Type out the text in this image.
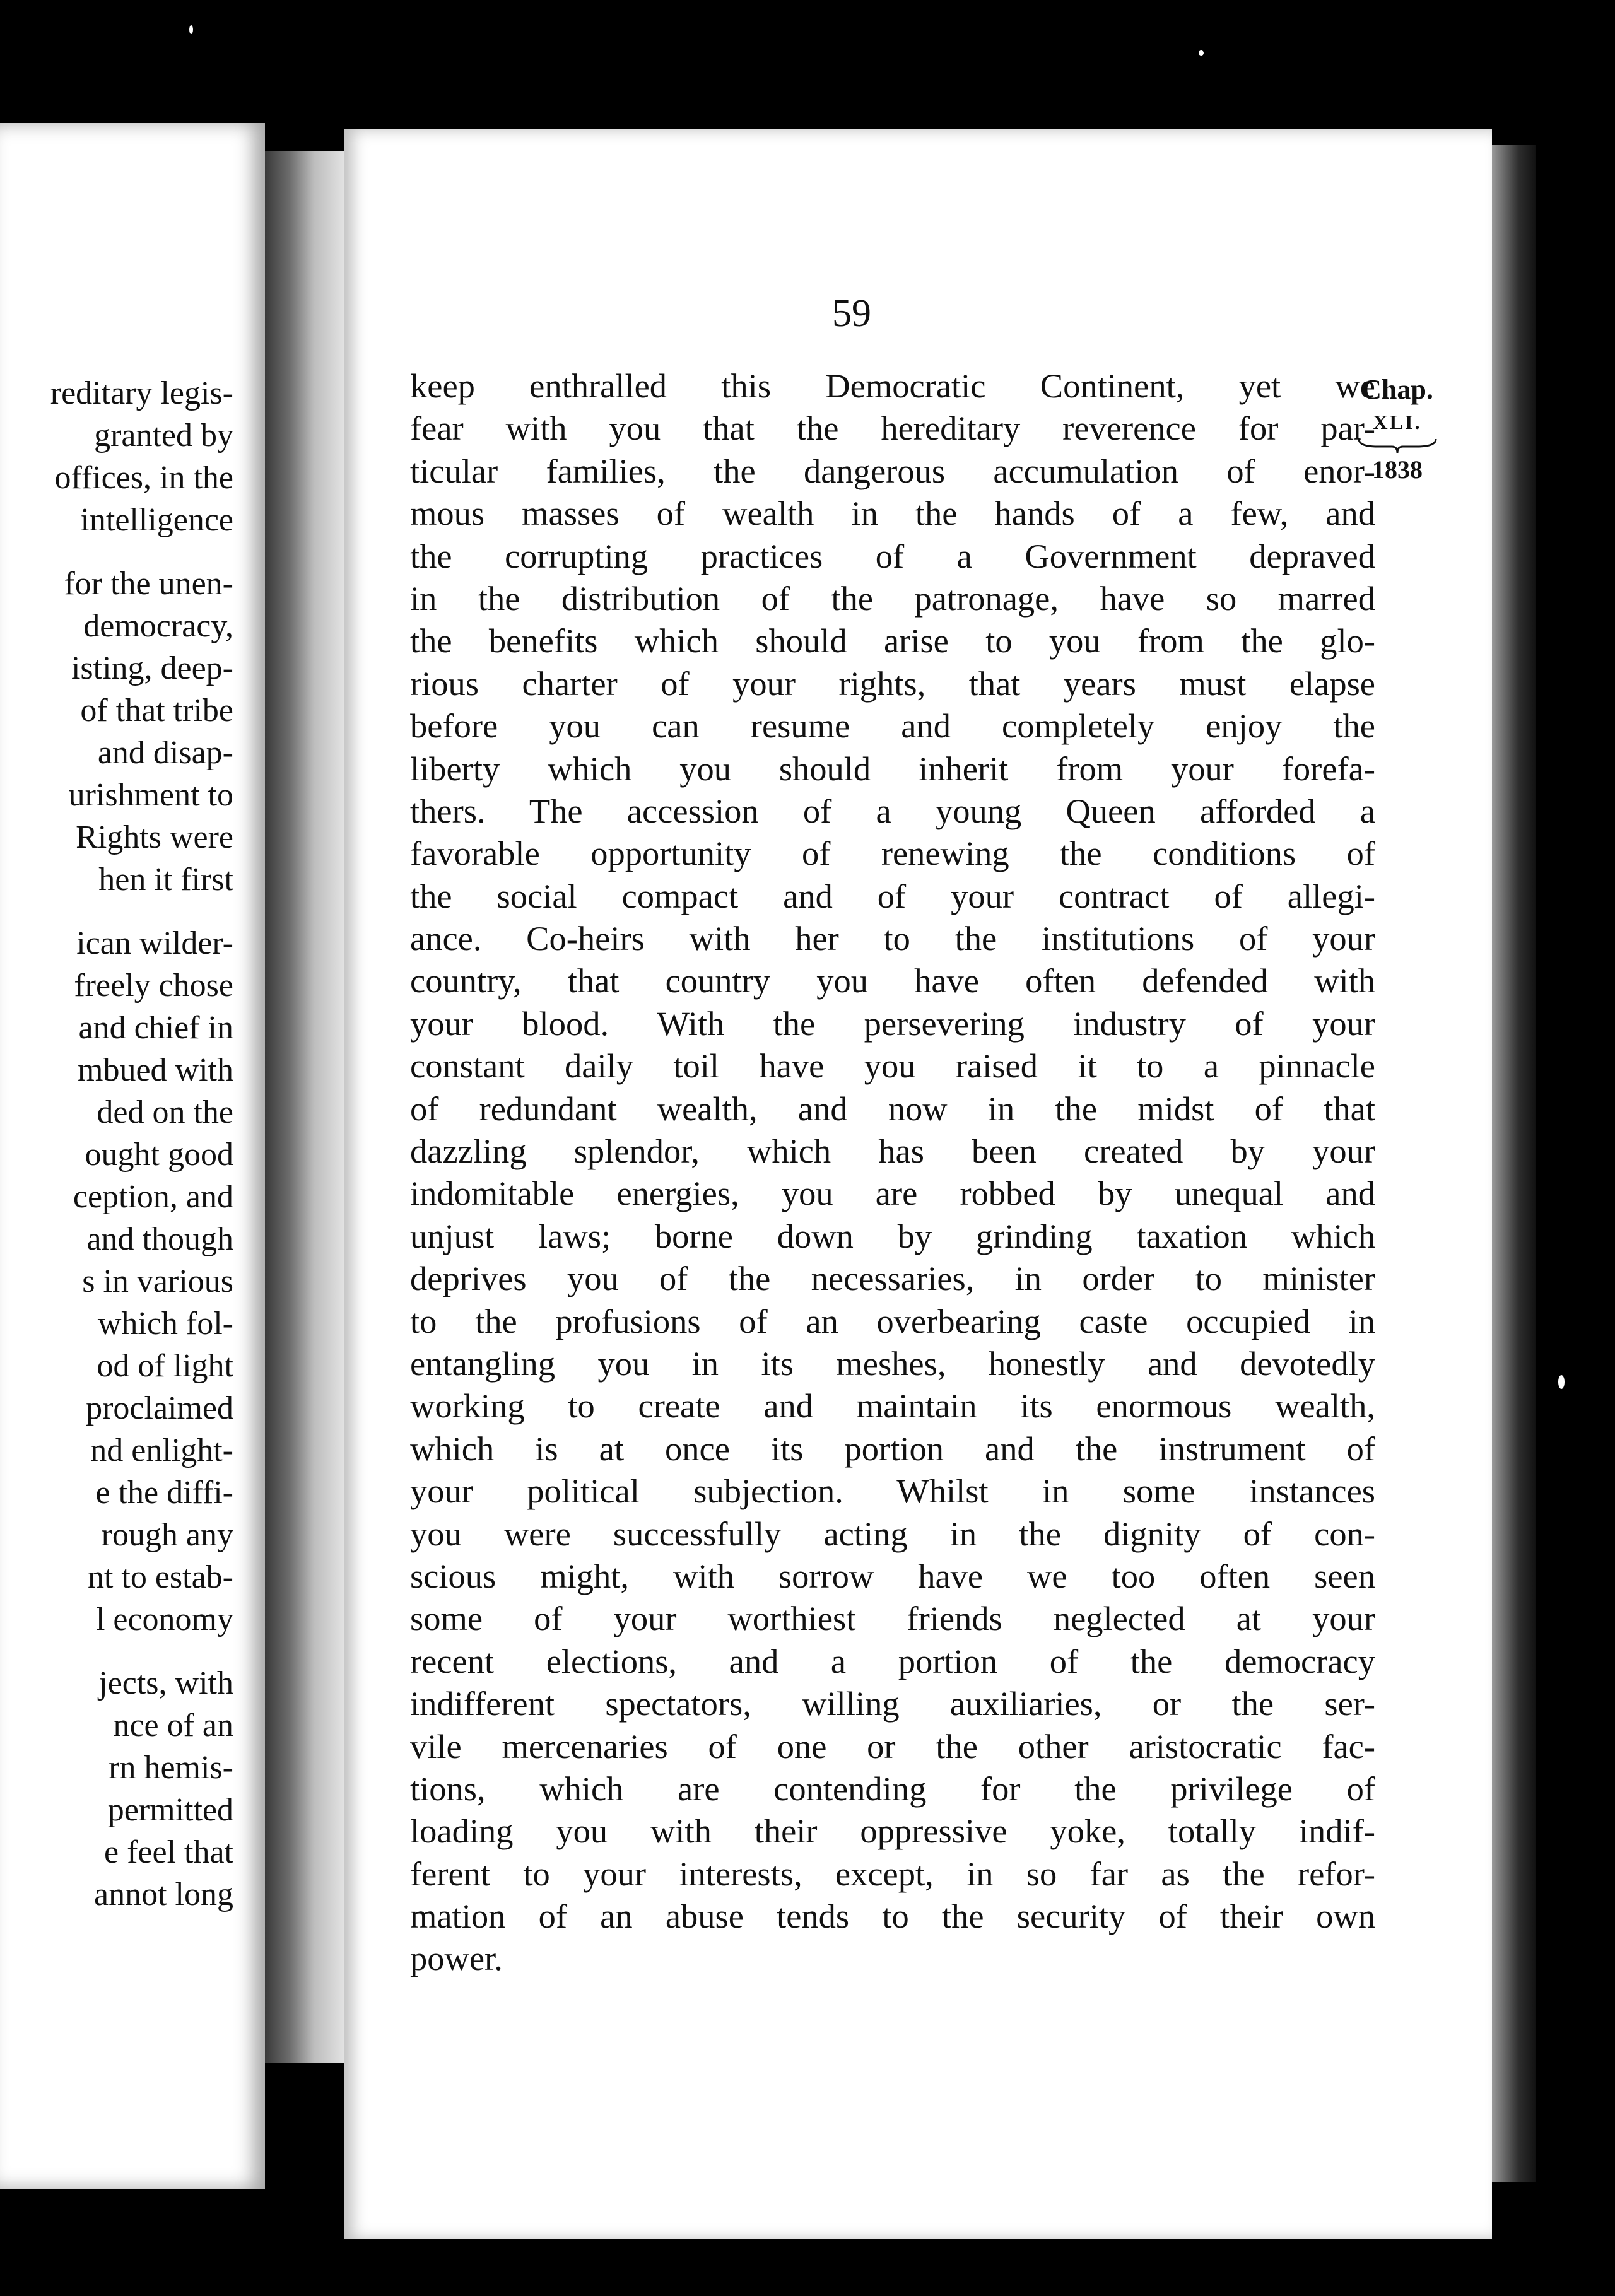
reditary legis-
granted by
offices, in the
intelligence
for the unen-
democracy,
isting, deep-
of that tribe
and disap-
urishment to
Rights were
hen it first
ican wilder-
freely chose
and chief in
mbued with
ded on the
ought good
ception, and
and though
s in various
which fol-
od of light
proclaimed
nd enlight-
e the diffi-
rough any
nt to estab-
l economy
jects, with
nce of an
rn hemis-
permitted
e feel that
annot long
59
Chap.
XLI.
1838
keep enthralled this Democratic Continent, yet we
fear with you that the hereditary reverence for par-
ticular families, the dangerous accumulation of enor-
mous masses of wealth in the hands of a few, and
the corrupting practices of a Government depraved
in the distribution of the patronage, have so marred
the benefits which should arise to you from the glo-
rious charter of your rights, that years must elapse
before you can resume and completely enjoy the
liberty which you should inherit from your forefa-
thers. The accession of a young Queen afforded a
favorable opportunity of renewing the conditions of
the social compact and of your contract of allegi-
ance. Co-heirs with her to the institutions of your
country, that country you have often defended with
your blood. With the persevering industry of your
constant daily toil have you raised it to a pinnacle
of redundant wealth, and now in the midst of that
dazzling splendor, which has been created by your
indomitable energies, you are robbed by unequal and
unjust laws; borne down by grinding taxation which
deprives you of the necessaries, in order to minister
to the profusions of an overbearing caste occupied in
entangling you in its meshes, honestly and devotedly
working to create and maintain its enormous wealth,
which is at once its portion and the instrument of
your political subjection. Whilst in some instances
you were successfully acting in the dignity of con-
scious might, with sorrow have we too often seen
some of your worthiest friends neglected at your
recent elections, and a portion of the democracy
indifferent spectators, willing auxiliaries, or the ser-
vile mercenaries of one or the other aristocratic fac-
tions, which are contending for the privilege of
loading you with their oppressive yoke, totally indif-
ferent to your interests, except, in so far as the refor-
mation of an abuse tends to the security of their own
power.
